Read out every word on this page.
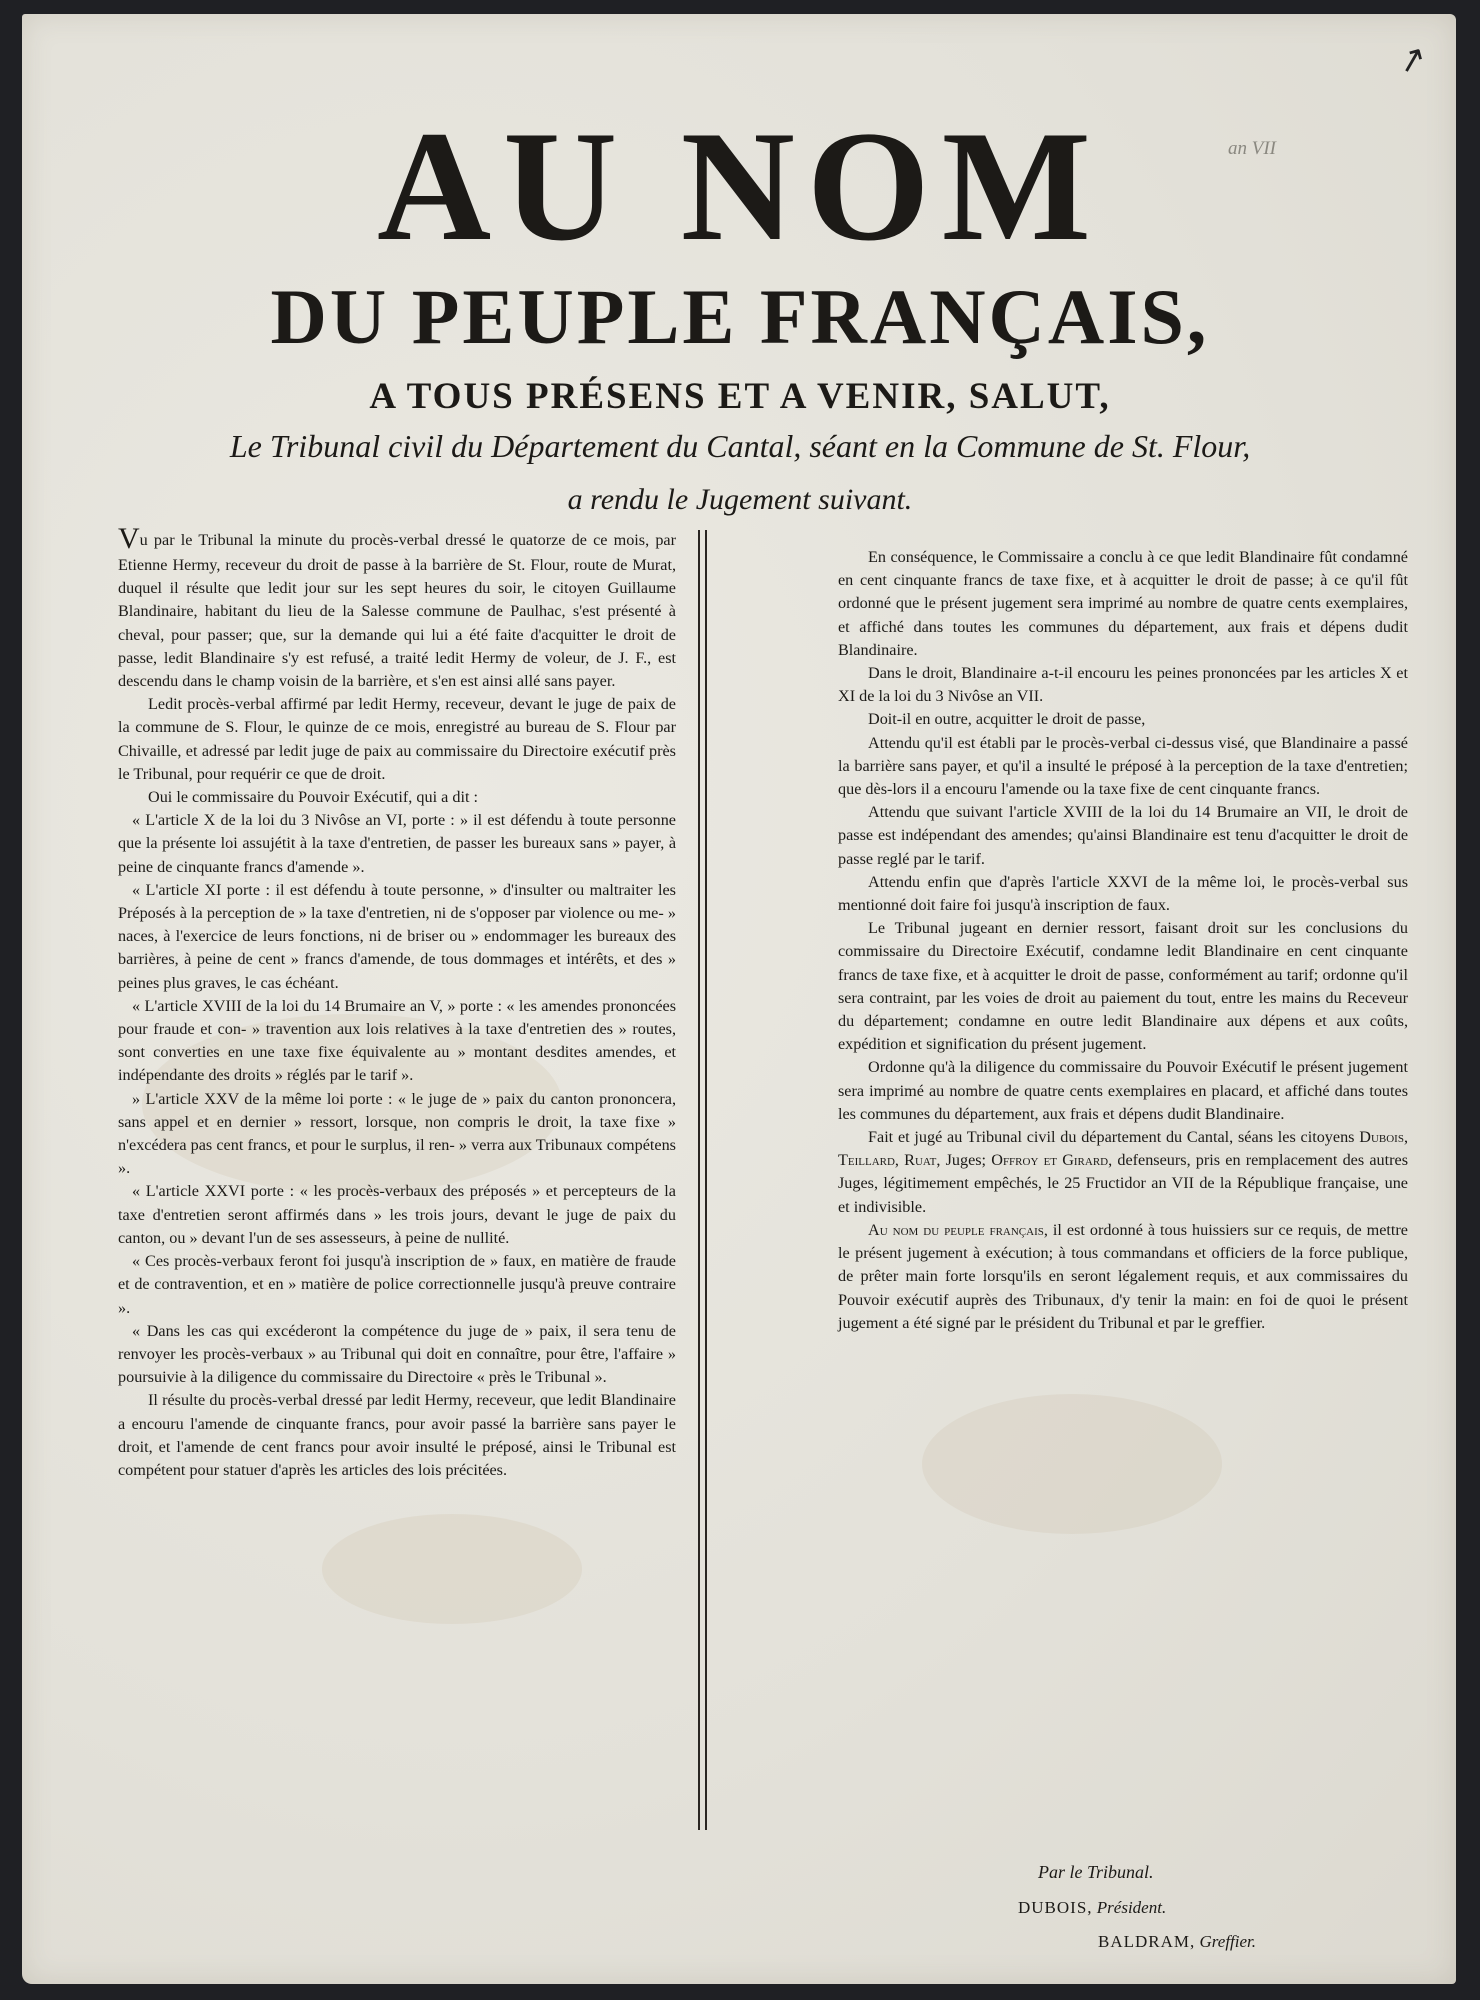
↗
an VII
AU NOM
DU PEUPLE FRANÇAIS,
A TOUS PRÉSENS ET A VENIR, SALUT,
Le Tribunal civil du Département du Cantal, séant en la Commune de St. Flour,
a rendu le Jugement suivant.

Vu par le Tribunal la minute du procès-verbal dressé le quatorze de ce mois, par Etienne Hermy, receveur du droit de passe à la barrière de St. Flour, route de Murat, duquel il résulte que ledit jour sur les sept heures du soir, le citoyen Guillaume Blandinaire, habitant du lieu de la Salesse commune de Paulhac, s'est présenté à cheval, pour passer; que, sur la demande qui lui a été faite d'acquitter le droit de passe, ledit Blandinaire s'y est refusé, a traité ledit Hermy de voleur, de J. F., est descendu dans le champ voisin de la barrière, et s'en est ainsi allé sans payer.

Ledit procès-verbal affirmé par ledit Hermy, receveur, devant le juge de paix de la commune de S. Flour, le quinze de ce mois, enregistré au bureau de S. Flour par Chivaille, et adressé par ledit juge de paix au commissaire du Directoire exécutif près le Tribunal, pour requérir ce que de droit.

Oui le commissaire du Pouvoir Exécutif, qui a dit :

« L'article X de la loi du 3 Nivôse an VI, porte : » il est défendu à toute personne que la présente loi assujétit à la taxe d'entretien, de passer les bureaux sans » payer, à peine de cinquante francs d'amende ».

« L'article XI porte : il est défendu à toute personne, » d'insulter ou maltraiter les Préposés à la perception de » la taxe d'entretien, ni de s'opposer par violence ou me- » naces, à l'exercice de leurs fonctions, ni de briser ou » endommager les bureaux des barrières, à peine de cent » francs d'amende, de tous dommages et intérêts, et des » peines plus graves, le cas échéant.

« L'article XVIII de la loi du 14 Brumaire an V, » porte : « les amendes prononcées pour fraude et con- » travention aux lois relatives à la taxe d'entretien des » routes, sont converties en une taxe fixe équivalente au » montant desdites amendes, et indépendante des droits » réglés par le tarif ».

» L'article XXV de la même loi porte : « le juge de » paix du canton prononcera, sans appel et en dernier » ressort, lorsque, non compris le droit, la taxe fixe » n'excédera pas cent francs, et pour le surplus, il ren- » verra aux Tribunaux compétens ».

« L'article XXVI porte : « les procès-verbaux des préposés » et percepteurs de la taxe d'entretien seront affirmés dans » les trois jours, devant le juge de paix du canton, ou » devant l'un de ses assesseurs, à peine de nullité.

« Ces procès-verbaux feront foi jusqu'à inscription de » faux, en matière de fraude et de contravention, et en » matière de police correctionnelle jusqu'à preuve contraire ».

« Dans les cas qui excéderont la compétence du juge de » paix, il sera tenu de renvoyer les procès-verbaux » au Tribunal qui doit en connaître, pour être, l'affaire » poursuivie à la diligence du commissaire du Directoire « près le Tribunal ».

Il résulte du procès-verbal dressé par ledit Hermy, receveur, que ledit Blandinaire a encouru l'amende de cinquante francs, pour avoir passé la barrière sans payer le droit, et l'amende de cent francs pour avoir insulté le préposé, ainsi le Tribunal est compétent pour statuer d'après les articles des lois précitées.

En conséquence, le Commissaire a conclu à ce que ledit Blandinaire fût condamné en cent cinquante francs de taxe fixe, et à acquitter le droit de passe; à ce qu'il fût ordonné que le présent jugement sera imprimé au nombre de quatre cents exemplaires, et affiché dans toutes les communes du département, aux frais et dépens dudit Blandinaire.

Dans le droit, Blandinaire a-t-il encouru les peines prononcées par les articles X et XI de la loi du 3 Nivôse an VII.

Doit-il en outre, acquitter le droit de passe,

Attendu qu'il est établi par le procès-verbal ci-dessus visé, que Blandinaire a passé la barrière sans payer, et qu'il a insulté le préposé à la perception de la taxe d'entretien; que dès-lors il a encouru l'amende ou la taxe fixe de cent cinquante francs.

Attendu que suivant l'article XVIII de la loi du 14 Brumaire an VII, le droit de passe est indépendant des amendes; qu'ainsi Blandinaire est tenu d'acquitter le droit de passe reglé par le tarif.

Attendu enfin que d'après l'article XXVI de la même loi, le procès-verbal sus mentionné doit faire foi jusqu'à inscription de faux.

Le Tribunal jugeant en dernier ressort, faisant droit sur les conclusions du commissaire du Directoire Exécutif, condamne ledit Blandinaire en cent cinquante francs de taxe fixe, et à acquitter le droit de passe, conformément au tarif; ordonne qu'il sera contraint, par les voies de droit au paiement du tout, entre les mains du Receveur du département; condamne en outre ledit Blandinaire aux dépens et aux coûts, expédition et signification du présent jugement.

Ordonne qu'à la diligence du commissaire du Pouvoir Exécutif le présent jugement sera imprimé au nombre de quatre cents exemplaires en placard, et affiché dans toutes les communes du département, aux frais et dépens dudit Blandinaire.

Fait et jugé au Tribunal civil du département du Cantal, séans les citoyens Dubois, Teillard, Ruat, Juges; Offroy et Girard, defenseurs, pris en remplacement des autres Juges, légitimement empêchés, le 25 Fructidor an VII de la République française, une et indivisible.

Au nom du peuple français, il est ordonné à tous huissiers sur ce requis, de mettre le présent jugement à exécution; à tous commandans et officiers de la force publique, de prêter main forte lorsqu'ils en seront légalement requis, et aux commissaires du Pouvoir exécutif auprès des Tribunaux, d'y tenir la main: en foi de quoi le présent jugement a été signé par le président du Tribunal et par le greffier.

Par le Tribunal.
DUBOIS, Président.
BALDRAM, Greffier.
